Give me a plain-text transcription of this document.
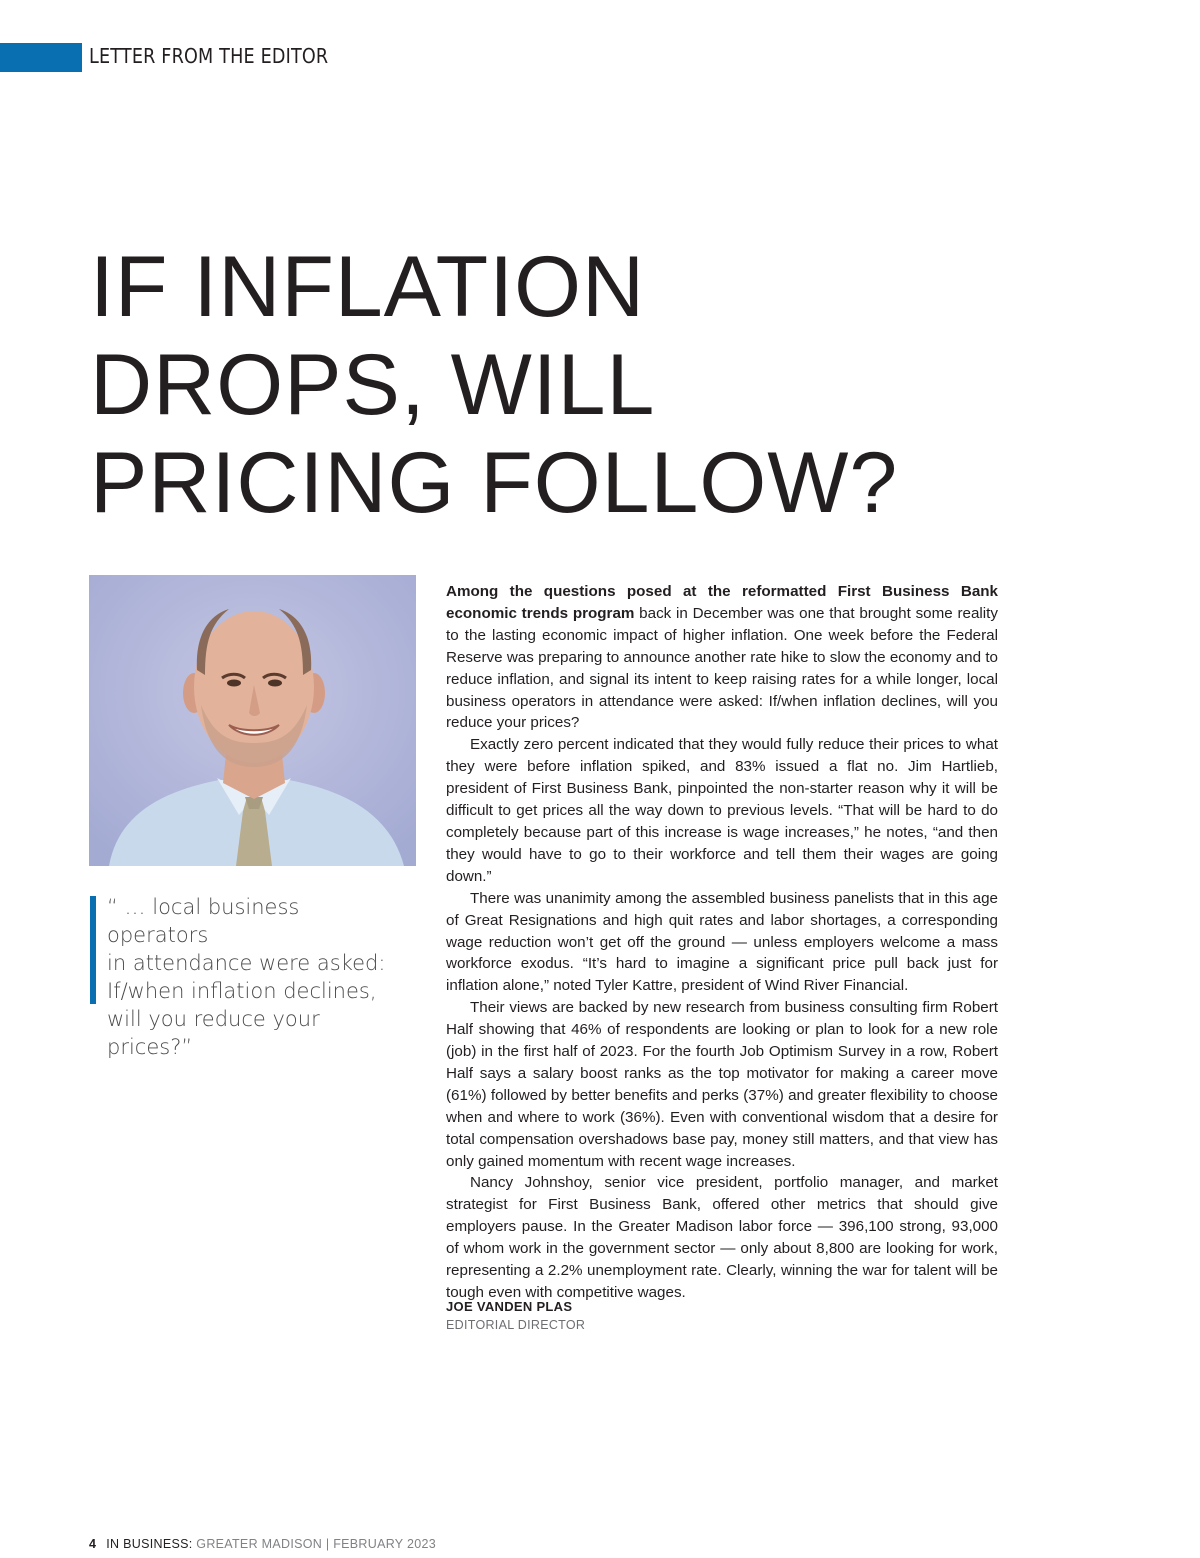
LETTER FROM THE EDITOR
IF INFLATION
DROPS, WILL
PRICING FOLLOW?
“ … local business operators
in attendance were asked:
If/when inflation declines,
will you reduce your prices?”

Among the questions posed at the reformatted First Business Bank economic trends program back in December was one that brought some reality to the lasting economic impact of higher inflation. One week before the Federal Reserve was preparing to announce another rate hike to slow the economy and to reduce inflation, and signal its intent to keep raising rates for a while longer, local business operators in attendance were asked: If/when inflation declines, will you reduce your prices?

Exactly zero percent indicated that they would fully reduce their prices to what they were before inflation spiked, and 83% issued a flat no. Jim Hartlieb, president of First Business Bank, pinpointed the non-starter reason why it will be difficult to get prices all the way down to previous levels. “That will be hard to do completely because part of this increase is wage increases,” he notes, “and then they would have to go to their workforce and tell them their wages are going down.”

There was unanimity among the assembled business panelists that in this age of Great Resignations and high quit rates and labor shortages, a corresponding wage reduction won’t get off the ground — unless employers welcome a mass workforce exodus. “It’s hard to imagine a significant price pull back just for inflation alone,” noted Tyler Kattre, president of Wind River Financial.

Their views are backed by new research from business consulting firm Robert Half showing that 46% of respondents are looking or plan to look for a new role (job) in the first half of 2023. For the fourth Job Optimism Survey in a row, Robert Half says a salary boost ranks as the top motivator for making a career move (61%) followed by better benefits and perks (37%) and greater flexibility to choose when and where to work (36%). Even with conventional wisdom that a desire for total compensation overshadows base pay, money still matters, and that view has only gained momentum with recent wage increases.

Nancy Johnshoy, senior vice president, portfolio manager, and market strategist for First Business Bank, offered other metrics that should give employers pause. In the Greater Madison labor force — 396,100 strong, 93,000 of whom work in the government sector — only about 8,800 are looking for work, representing a 2.2% unemployment rate. Clearly, winning the war for talent will be tough even with competitive wages.

JOE VANDEN PLAS
EDITORIAL DIRECTOR
4 IN BUSINESS: GREATER MADISON | FEBRUARY 2023
